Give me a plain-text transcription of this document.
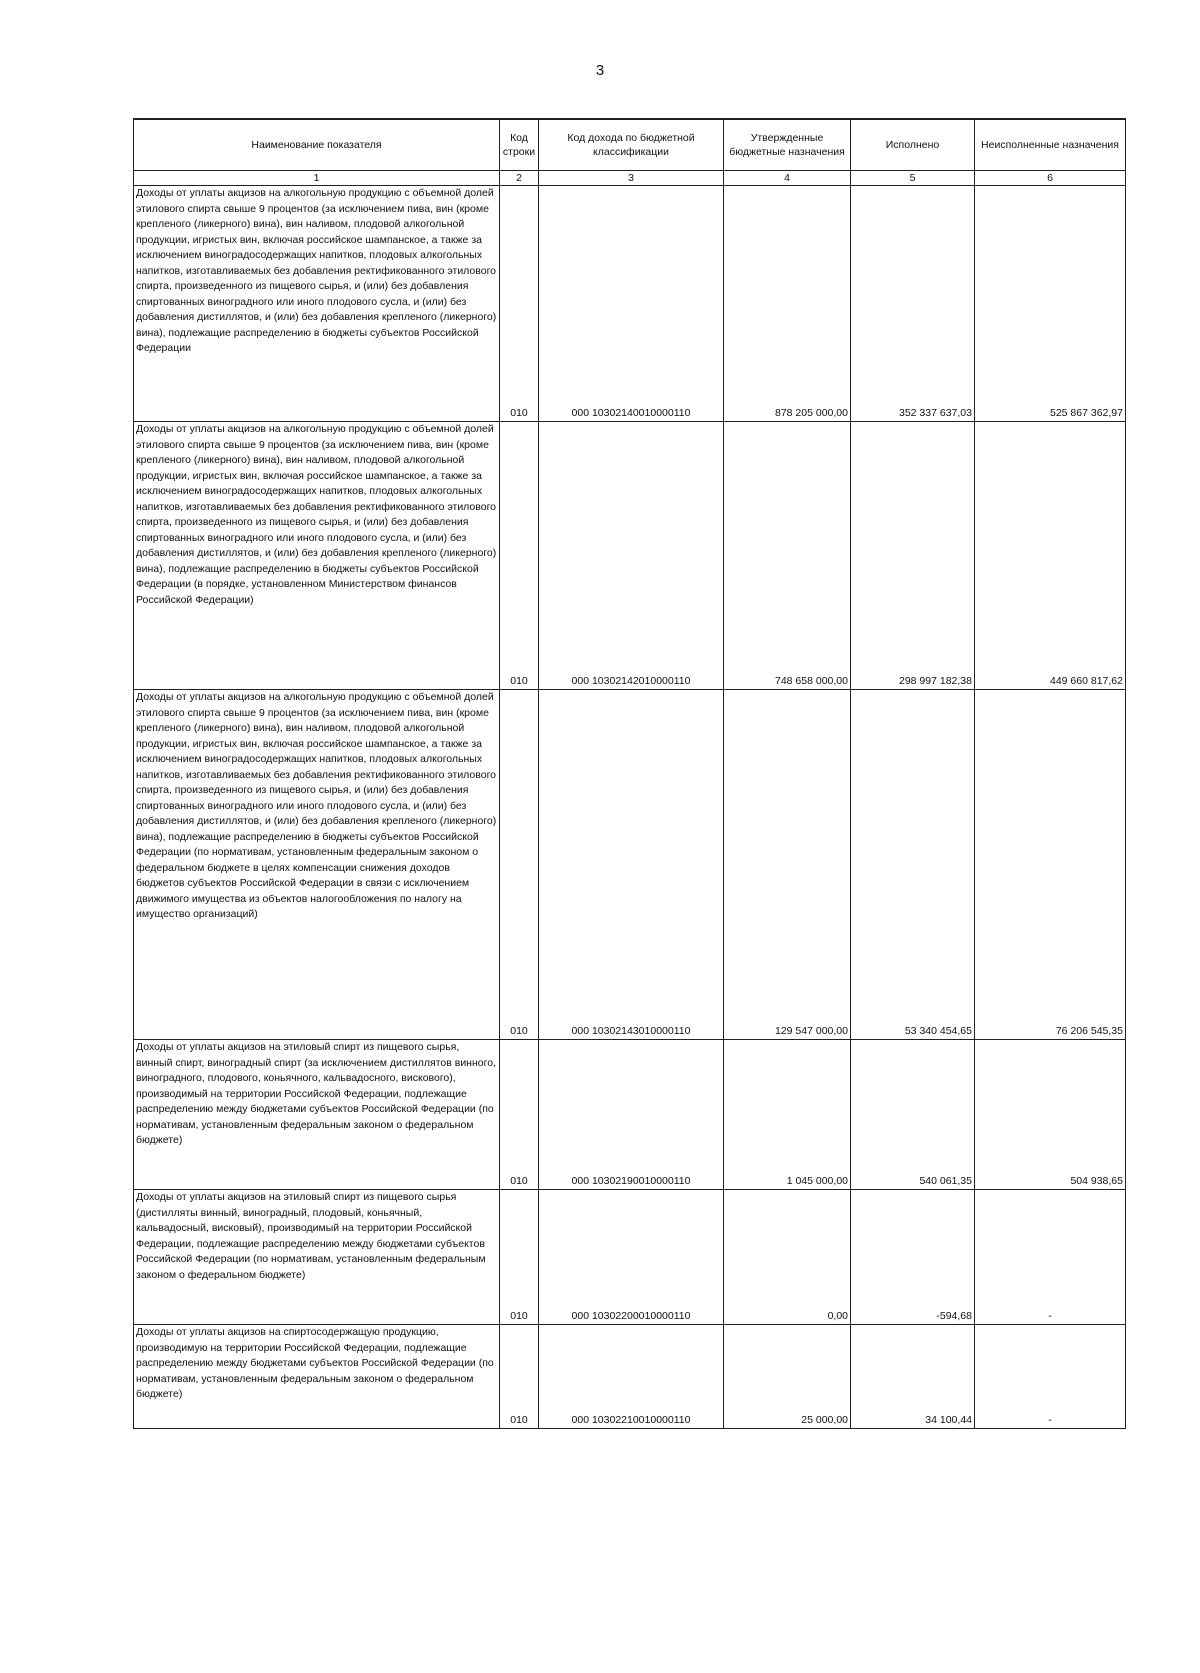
3
Наименование показателя	Код строки	Код дохода по бюджетной классификации	Утвержденные бюджетные назначения	Исполнено	Неисполненные назначения
1	2	3	4	5	6
Доходы от уплаты акцизов на алкогольную продукцию с объемной долей этилового спирта свыше 9 процентов (за исключением пива, вин (кроме крепленого (ликерного) вина), вин наливом, плодовой алкогольной продукции, игристых вин, включая российское шампанское, а также за исключением виноградосодержащих напитков, плодовых алкогольных напитков, изготавливаемых без добавления ректификованного этилового спирта, произведенного из пищевого сырья, и (или) без добавления спиртованных виноградного или иного плодового сусла, и (или) без добавления дистиллятов, и (или) без добавления крепленого (ликерного) вина), подлежащие распределению в бюджеты субъектов Российской Федерации	010	000 10302140010000110	878 205 000,00	352 337 637,03	525 867 362,97
Доходы от уплаты акцизов на алкогольную продукцию с объемной долей этилового спирта свыше 9 процентов (за исключением пива, вин (кроме крепленого (ликерного) вина), вин наливом, плодовой алкогольной продукции, игристых вин, включая российское шампанское, а также за исключением виноградосодержащих напитков, плодовых алкогольных напитков, изготавливаемых без добавления ректификованного этилового спирта, произведенного из пищевого сырья, и (или) без добавления спиртованных виноградного или иного плодового сусла, и (или) без добавления дистиллятов, и (или) без добавления крепленого (ликерного) вина), подлежащие распределению в бюджеты субъектов Российской Федерации (в порядке, установленном Министерством финансов Российской Федерации)	010	000 10302142010000110	748 658 000,00	298 997 182,38	449 660 817,62
Доходы от уплаты акцизов на алкогольную продукцию с объемной долей этилового спирта свыше 9 процентов (за исключением пива, вин (кроме крепленого (ликерного) вина), вин наливом, плодовой алкогольной продукции, игристых вин, включая российское шампанское, а также за исключением виноградосодержащих напитков, плодовых алкогольных напитков, изготавливаемых без добавления ректификованного этилового спирта, произведенного из пищевого сырья, и (или) без добавления спиртованных виноградного или иного плодового сусла, и (или) без добавления дистиллятов, и (или) без добавления крепленого (ликерного) вина), подлежащие распределению в бюджеты субъектов Российской Федерации (по нормативам, установленным федеральным законом о федеральном бюджете в целях компенсации снижения доходов бюджетов субъектов Российской Федерации в связи с исключением движимого имущества из объектов налогообложения по налогу на имущество организаций)	010	000 10302143010000110	129 547 000,00	53 340 454,65	76 206 545,35
Доходы от уплаты акцизов на этиловый спирт из пищевого сырья, винный спирт, виноградный спирт (за исключением дистиллятов винного, виноградного, плодового, коньячного, кальвадосного, вискового), производимый на территории Российской Федерации, подлежащие распределению между бюджетами субъектов Российской Федерации (по нормативам, установленным федеральным законом о федеральном бюджете)	010	000 10302190010000110	1 045 000,00	540 061,35	504 938,65
Доходы от уплаты акцизов на этиловый спирт из пищевого сырья (дистилляты винный, виноградный, плодовый, коньячный, кальвадосный, висковый), производимый на территории Российской Федерации, подлежащие распределению между бюджетами субъектов Российской Федерации (по нормативам, установленным федеральным законом о федеральном бюджете)	010	000 10302200010000110	0,00	-594,68	-
Доходы от уплаты акцизов на спиртосодержащую продукцию, производимую на территории Российской Федерации, подлежащие распределению между бюджетами субъектов Российской Федерации (по нормативам, установленным федеральным законом о федеральном бюджете)	010	000 10302210010000110	25 000,00	34 100,44	-
